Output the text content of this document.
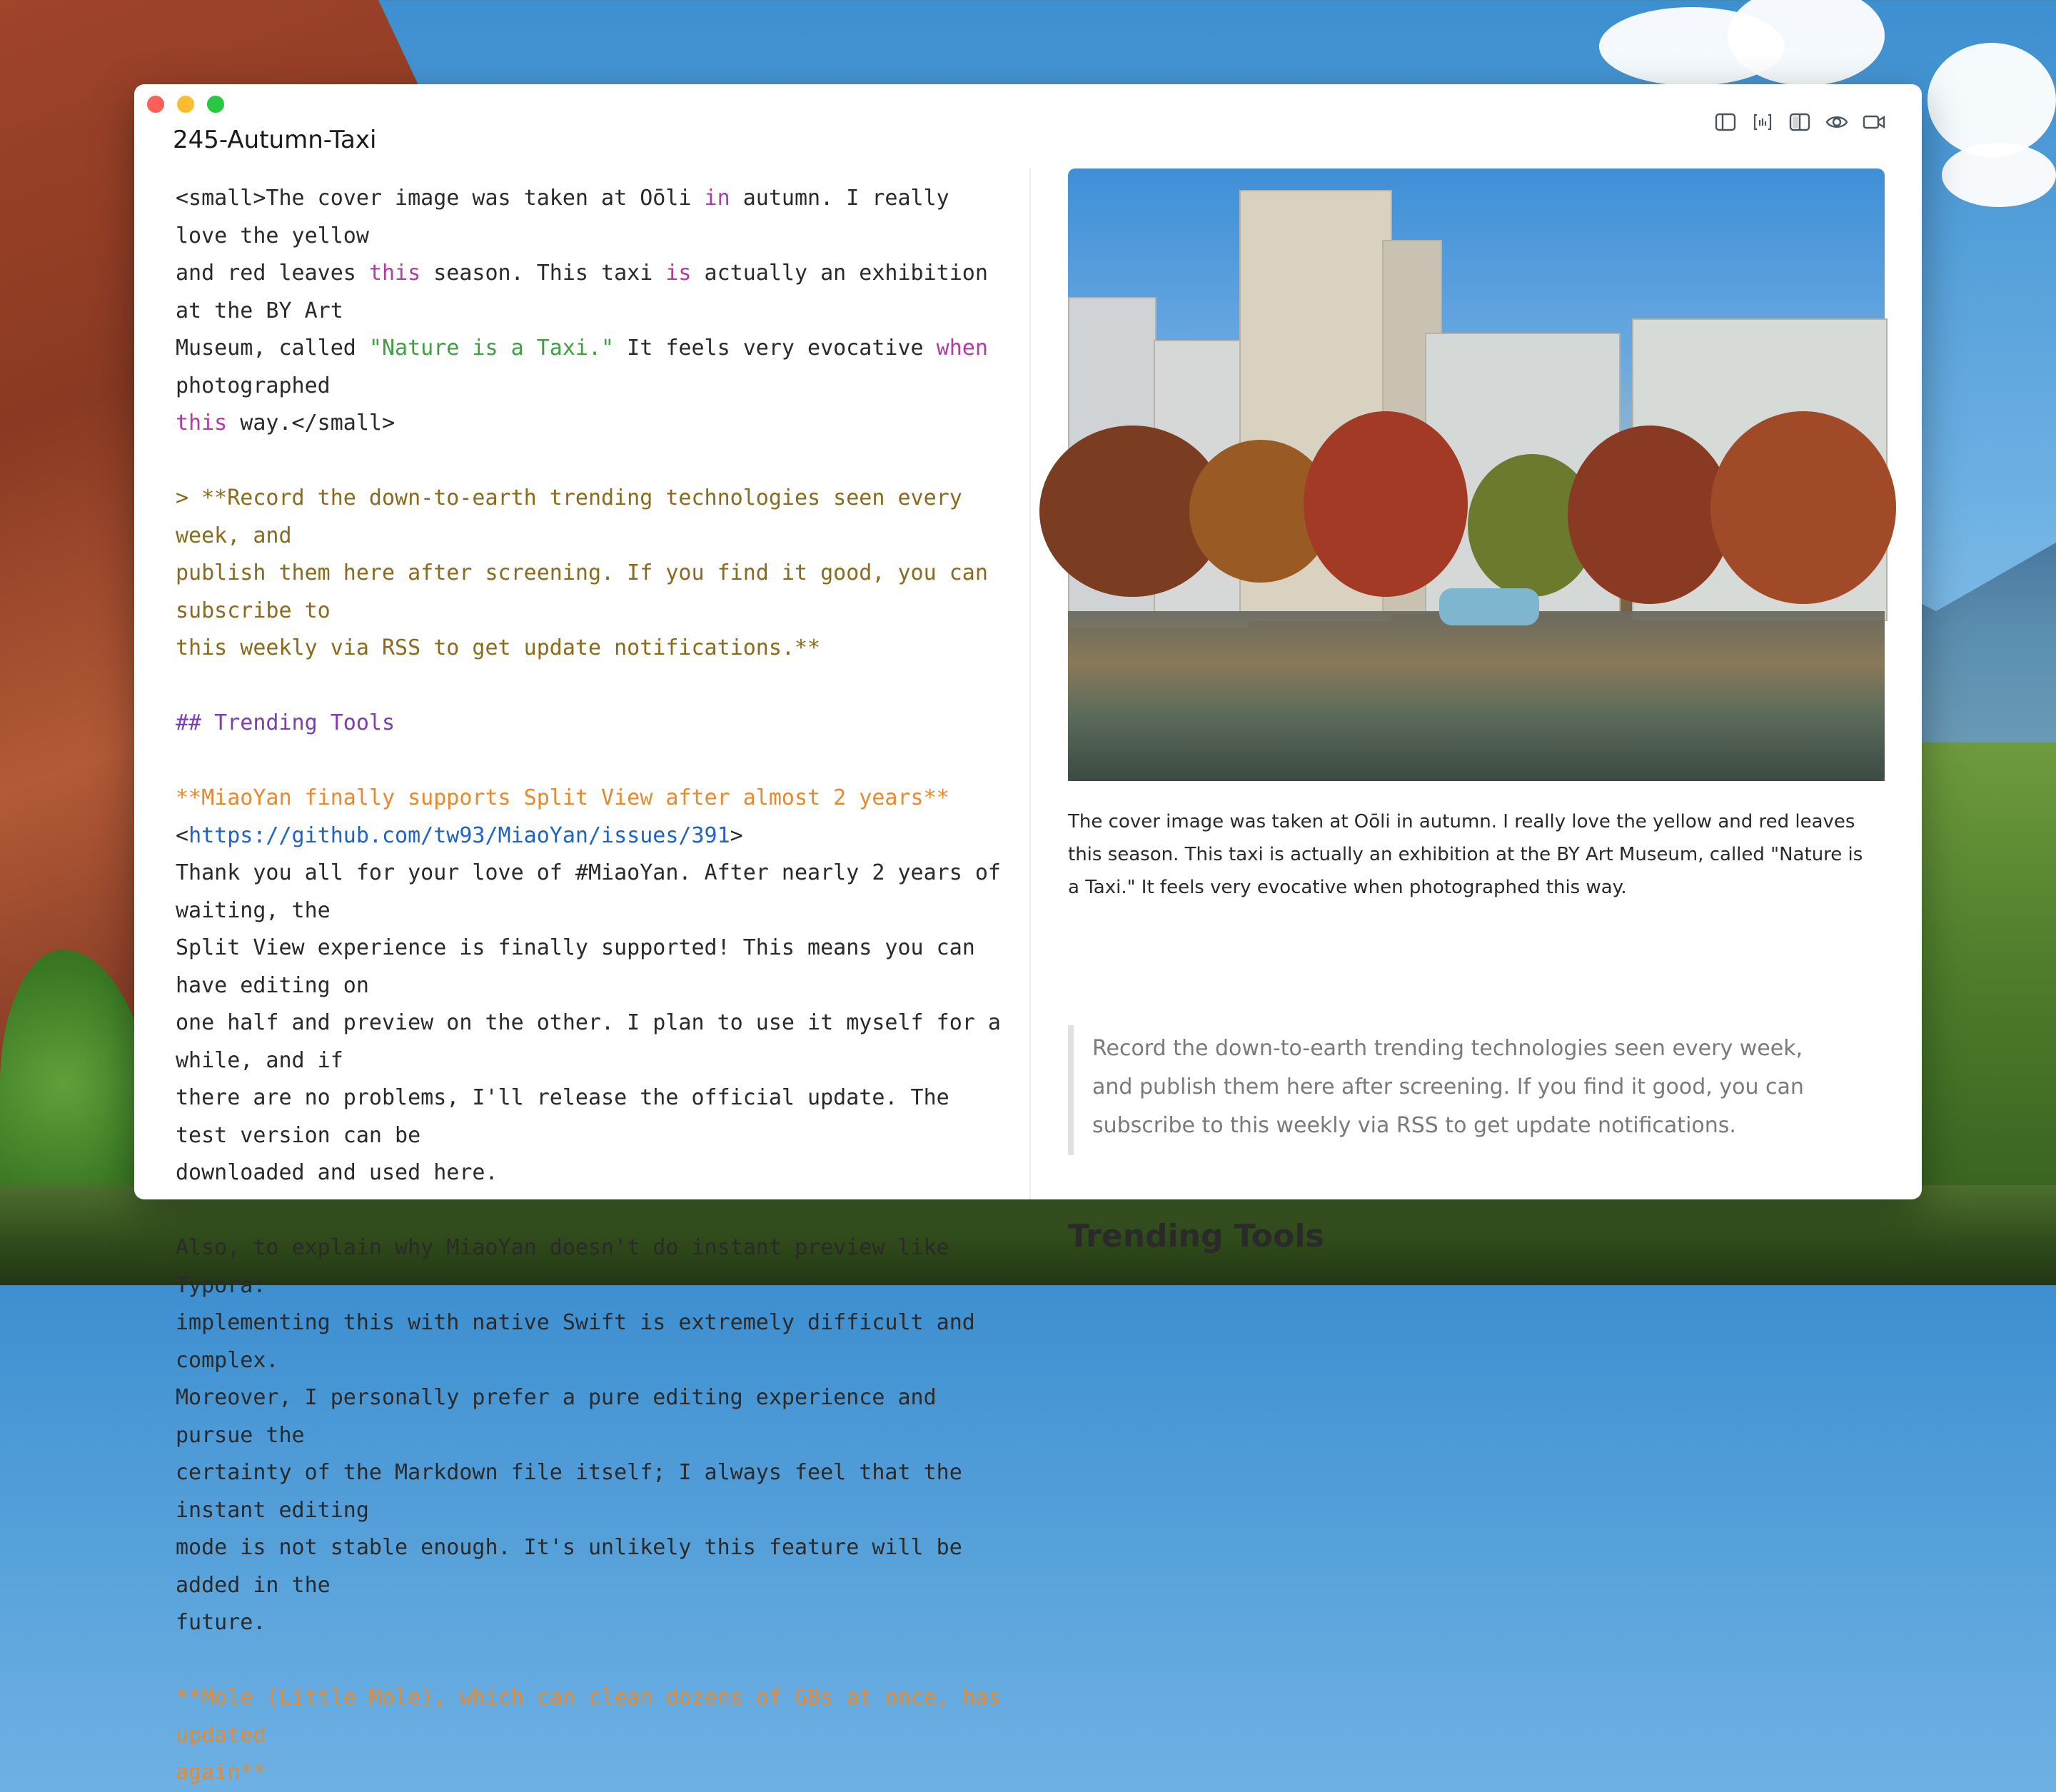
245-Autumn-Taxi

<small>The cover image was taken at Oōli in autumn. I really love the yellow

and red leaves this season. This taxi is actually an exhibition at the BY Art

Museum, called "Nature is a Taxi." It feels very evocative when photographed

this way.</small>

> **Record the down-to-earth trending technologies seen every week, and

publish them here after screening. If you find it good, you can subscribe to

this weekly via RSS to get update notifications.**

## Trending Tools

**MiaoYan finally supports Split View after almost 2 years**

<https://github.com/tw93/MiaoYan/issues/391>

Thank you all for your love of #MiaoYan. After nearly 2 years of waiting, the

Split View experience is finally supported! This means you can have editing on

one half and preview on the other. I plan to use it myself for a while, and if

there are no problems, I'll release the official update. The test version can be

downloaded and used here.

Also, to explain why MiaoYan doesn't do instant preview like Typora:

implementing this with native Swift is extremely difficult and complex.

Moreover, I personally prefer a pure editing experience and pursue the

certainty of the Markdown file itself; I always feel that the instant editing

mode is not stable enough. It's unlikely this feature will be added in the

future.

**Mole (Little Mole), which can clean dozens of GBs at once, has updated

again**

The cover image was taken at Oōli in autumn. I really love the yellow and red leaves
this season. This taxi is actually an exhibition at the BY Art Museum, called "Nature is
a Taxi." It feels very evocative when photographed this way.
Record the down-to-earth trending technologies seen every week,
and publish them here after screening. If you find it good, you can
subscribe to this weekly via RSS to get update notifications.
Trending Tools
